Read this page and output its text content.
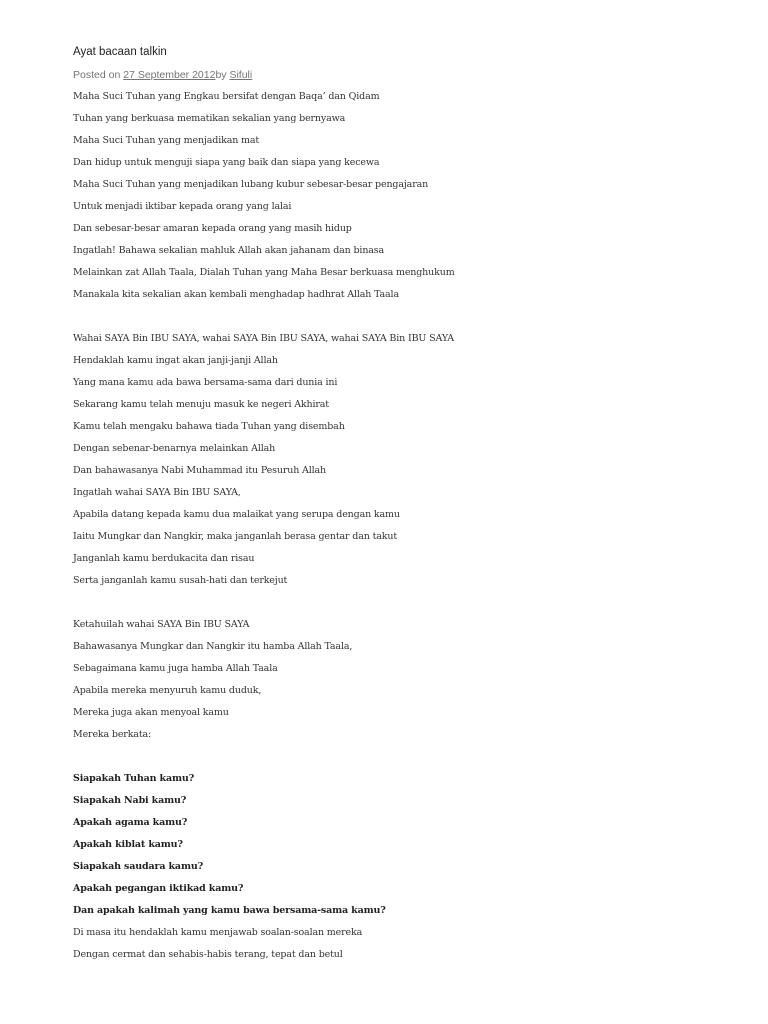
Ayat bacaan talkin
Posted on 27 September 2012by Sifuli
Maha Suci Tuhan yang Engkau bersifat dengan Baqa’ dan Qidam
Tuhan yang berkuasa mematikan sekalian yang bernyawa
Maha Suci Tuhan yang menjadikan mat
Dan hidup untuk menguji siapa yang baik dan siapa yang kecewa
Maha Suci Tuhan yang menjadikan lubang kubur sebesar-besar pengajaran
Untuk menjadi iktibar kepada orang yang lalai
Dan sebesar-besar amaran kepada orang yang masih hidup
Ingatlah! Bahawa sekalian mahluk Allah akan jahanam dan binasa
Melainkan zat Allah Taala, Dialah Tuhan yang Maha Besar berkuasa menghukum
Manakala kita sekalian akan kembali menghadap hadhrat Allah Taala
Wahai SAYA Bin IBU SAYA, wahai SAYA Bin IBU SAYA, wahai SAYA Bin IBU SAYA
Hendaklah kamu ingat akan janji-janji Allah
Yang mana kamu ada bawa bersama-sama dari dunia ini
Sekarang kamu telah menuju masuk ke negeri Akhirat
Kamu telah mengaku bahawa tiada Tuhan yang disembah
Dengan sebenar-benarnya melainkan Allah
Dan bahawasanya Nabi Muhammad itu Pesuruh Allah
Ingatlah wahai SAYA Bin IBU SAYA,
Apabila datang kepada kamu dua malaikat yang serupa dengan kamu
Iaitu Mungkar dan Nangkir, maka janganlah berasa gentar dan takut
Janganlah kamu berdukacita dan risau
Serta janganlah kamu susah-hati dan terkejut
Ketahuilah wahai SAYA Bin IBU SAYA
Bahawasanya Mungkar dan Nangkir itu hamba Allah Taala,
Sebagaimana kamu juga hamba Allah Taala
Apabila mereka menyuruh kamu duduk,
Mereka juga akan menyoal kamu
Mereka berkata:
Siapakah Tuhan kamu?
Siapakah Nabi kamu?
Apakah agama kamu?
Apakah kiblat kamu?
Siapakah saudara kamu?
Apakah pegangan iktikad kamu?
Dan apakah kalimah yang kamu bawa bersama-sama kamu?
Di masa itu hendaklah kamu menjawab soalan-soalan mereka
Dengan cermat dan sehabis-habis terang, tepat dan betul
